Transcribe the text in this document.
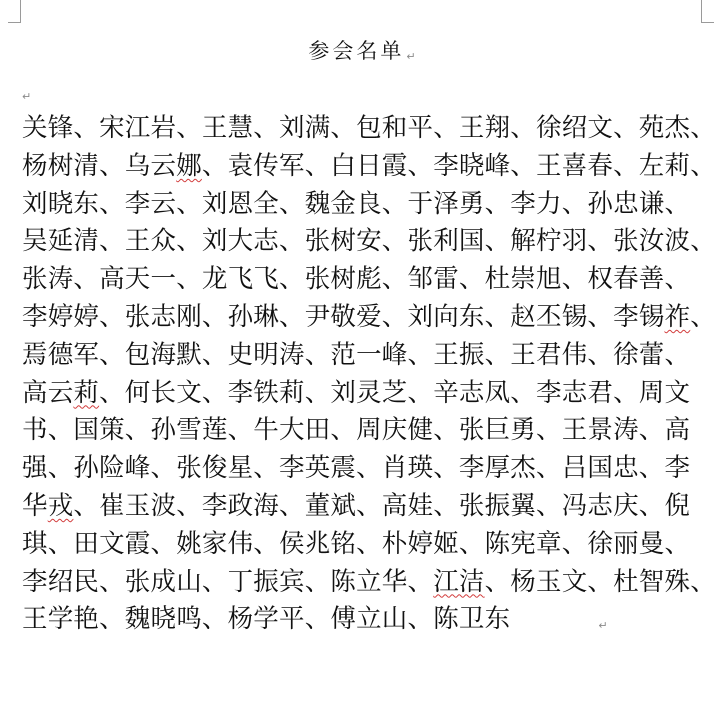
参会名单 ↵
↵
关锋、宋江岩、王慧、刘满、包和平、王翔、徐绍文、苑杰、
杨树清、乌云娜、袁传军、白日霞、李晓峰、王喜春、左莉、
刘晓东、李云、刘恩全、魏金良、于泽勇、李力、孙忠谦、
吴延清、王众、刘大志、张树安、张利国、解柠羽、张汝波、
张涛、高天一、龙飞飞、张树彪、邹雷、杜崇旭、权春善、
李婷婷、张志刚、孙琳、尹敬爱、刘向东、赵丕锡、李锡祚、
焉德军、包海默、史明涛、范一峰、王振、王君伟、徐蕾、
高云莉、何长文、李铁莉、刘灵芝、辛志凤、李志君、周文
书、国策、孙雪莲、牛大田、周庆健、张巨勇、王景涛、高
强、孙险峰、张俊星、李英震、肖瑛、李厚杰、吕国忠、李
华戎、崔玉波、李政海、董斌、高娃、张振翼、冯志庆、倪
琪、田文霞、姚家伟、侯兆铭、朴婷姬、陈宪章、徐丽曼、
李绍民、张成山、丁振宾、陈立华、江洁、杨玉文、杜智殊、
王学艳、魏晓鸣、杨学平、傅立山、陈卫东	↵
